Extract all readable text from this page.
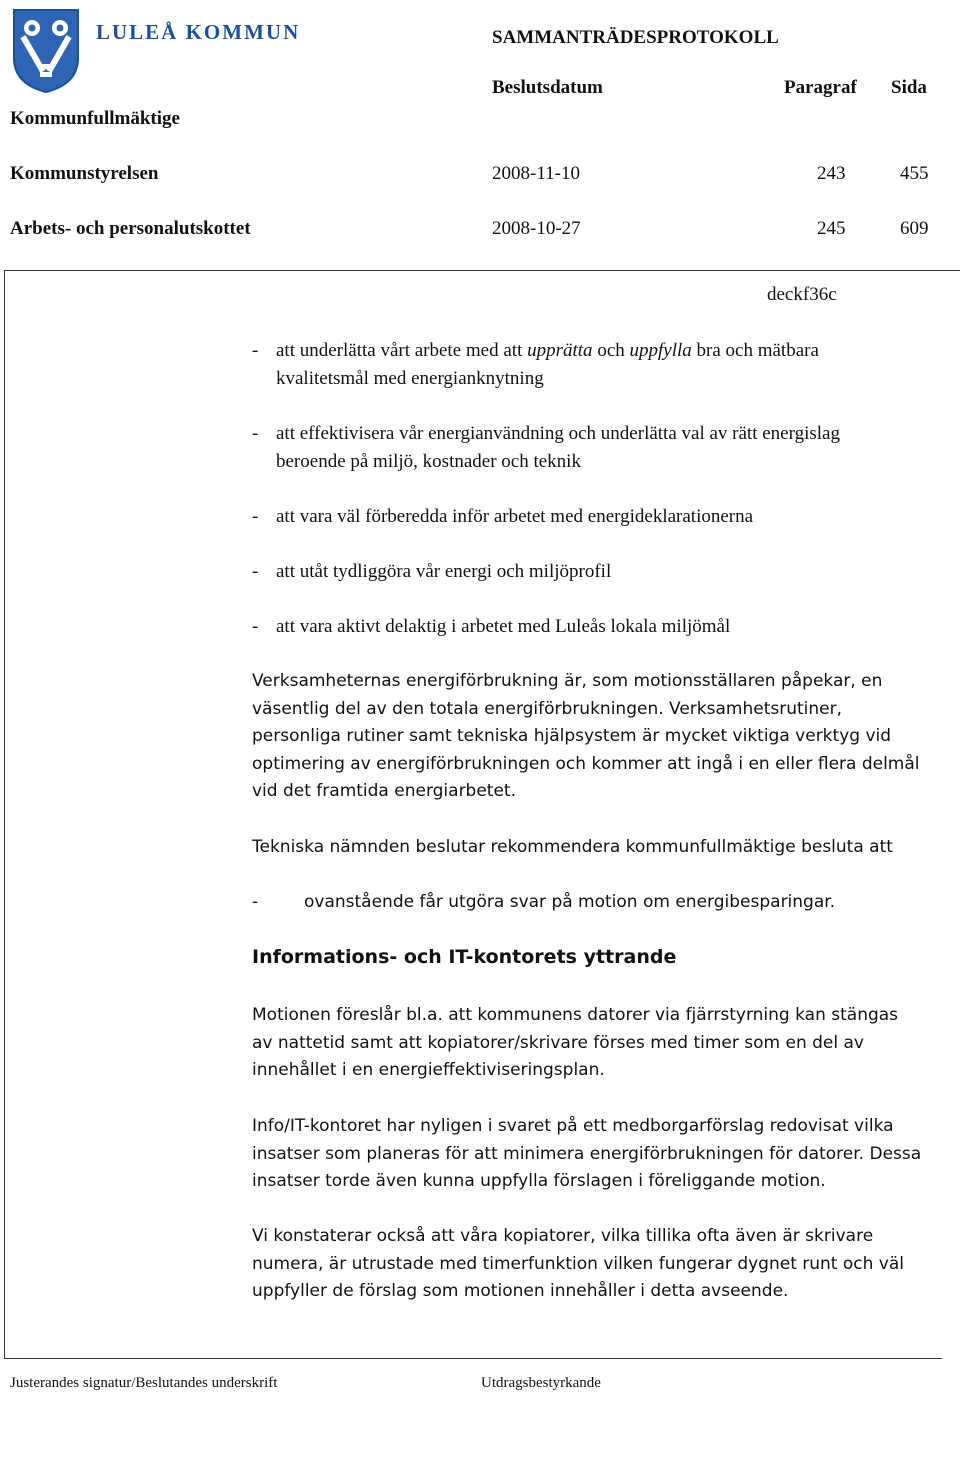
LULEÅ KOMMUN	SAMMANTRÄDESPROTOKOLL
Beslutsdatum	Paragraf Sida
Kommunfullmäktige
Kommunstyrelsen	2008-11-10	243	455
Arbets- och personalutskottet	2008-10-27	245	609
deckf36c
- att underlätta vårt arbete med att upprätta och uppfylla bra och mätbara
kvalitetsmål med energianknytning
- att effektivisera vår energianvändning och underlätta val av rätt energislag
beroende på miljö, kostnader och teknik
- att vara väl förberedda inför arbetet med energideklarationerna
- att utåt tydliggöra vår energi och miljöprofil
- att vara aktivt delaktig i arbetet med Luleås lokala miljömål
Verksamheternas energiförbrukning är, som motionsställaren påpekar, en
väsentlig del av den totala energiförbrukningen. Verksamhetsrutiner,
personliga rutiner samt tekniska hjälpsystem är mycket viktiga verktyg vid
optimering av energiförbrukningen och kommer att ingå i en eller flera delmål
vid det framtida energiarbetet.
Tekniska nämnden beslutar rekommendera kommunfullmäktige besluta att
-	ovanstående får utgöra svar på motion om energibesparingar.
Informations- och IT-kontorets yttrande
Motionen föreslår bl.a. att kommunens datorer via fjärrstyrning kan stängas
av nattetid samt att kopiatorer/skrivare förses med timer som en del av
innehållet i en energieffektiviseringsplan.
Info/IT-kontoret har nyligen i svaret på ett medborgarförslag redovisat vilka
insatser som planeras för att minimera energiförbrukningen för datorer. Dessa
insatser torde även kunna uppfylla förslagen i föreliggande motion.
Vi konstaterar också att våra kopiatorer, vilka tillika ofta även är skrivare
numera, är utrustade med timerfunktion vilken fungerar dygnet runt och väl
uppfyller de förslag som motionen innehåller i detta avseende.
Justerandes signatur/Beslutandes underskrift	Utdragsbestyrkande
